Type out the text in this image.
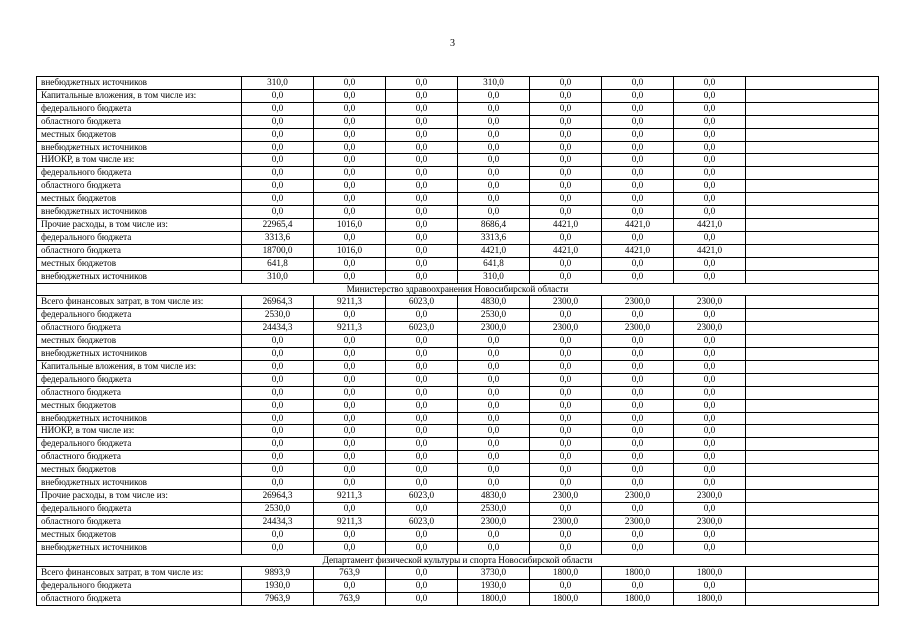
3
внебюджетных источников	310,0	0,0	0,0	310,0	0,0	0,0	0,0	
Капитальные вложения, в том числе из:	0,0	0,0	0,0	0,0	0,0	0,0	0,0	
федерального бюджета	0,0	0,0	0,0	0,0	0,0	0,0	0,0	
областного бюджета	0,0	0,0	0,0	0,0	0,0	0,0	0,0	
местных бюджетов	0,0	0,0	0,0	0,0	0,0	0,0	0,0	
внебюджетных источников	0,0	0,0	0,0	0,0	0,0	0,0	0,0	
НИОКР, в том числе из:	0,0	0,0	0,0	0,0	0,0	0,0	0,0	
федерального бюджета	0,0	0,0	0,0	0,0	0,0	0,0	0,0	
областного бюджета	0,0	0,0	0,0	0,0	0,0	0,0	0,0	
местных бюджетов	0,0	0,0	0,0	0,0	0,0	0,0	0,0	
внебюджетных источников	0,0	0,0	0,0	0,0	0,0	0,0	0,0	
Прочие расходы, в том числе из:	22965,4	1016,0	0,0	8686,4	4421,0	4421,0	4421,0	
федерального бюджета	3313,6	0,0	0,0	3313,6	0,0	0,0	0,0	
областного бюджета	18700,0	1016,0	0,0	4421,0	4421,0	4421,0	4421,0	
местных бюджетов	641,8	0,0	0,0	641,8	0,0	0,0	0,0	
внебюджетных источников	310,0	0,0	0,0	310,0	0,0	0,0	0,0	
Министерство здравоохранения Новосибирской области								
Всего финансовых затрат, в том числе из:	26964,3	9211,3	6023,0	4830,0	2300,0	2300,0	2300,0	
федерального бюджета	2530,0	0,0	0,0	2530,0	0,0	0,0	0,0	
областного бюджета	24434,3	9211,3	6023,0	2300,0	2300,0	2300,0	2300,0	
местных бюджетов	0,0	0,0	0,0	0,0	0,0	0,0	0,0	
внебюджетных источников	0,0	0,0	0,0	0,0	0,0	0,0	0,0	
Капитальные вложения, в том числе из:	0,0	0,0	0,0	0,0	0,0	0,0	0,0	
федерального бюджета	0,0	0,0	0,0	0,0	0,0	0,0	0,0	
областного бюджета	0,0	0,0	0,0	0,0	0,0	0,0	0,0	
местных бюджетов	0,0	0,0	0,0	0,0	0,0	0,0	0,0	
внебюджетных источников	0,0	0,0	0,0	0,0	0,0	0,0	0,0	
НИОКР, в том числе из:	0,0	0,0	0,0	0,0	0,0	0,0	0,0	
федерального бюджета	0,0	0,0	0,0	0,0	0,0	0,0	0,0	
областного бюджета	0,0	0,0	0,0	0,0	0,0	0,0	0,0	
местных бюджетов	0,0	0,0	0,0	0,0	0,0	0,0	0,0	
внебюджетных источников	0,0	0,0	0,0	0,0	0,0	0,0	0,0	
Прочие расходы, в том числе из:	26964,3	9211,3	6023,0	4830,0	2300,0	2300,0	2300,0	
федерального бюджета	2530,0	0,0	0,0	2530,0	0,0	0,0	0,0	
областного бюджета	24434,3	9211,3	6023,0	2300,0	2300,0	2300,0	2300,0	
местных бюджетов	0,0	0,0	0,0	0,0	0,0	0,0	0,0	
внебюджетных источников	0,0	0,0	0,0	0,0	0,0	0,0	0,0	
Департамент физической культуры и спорта Новосибирской области								
Всего финансовых затрат, в том числе из:	9893,9	763,9	0,0	3730,0	1800,0	1800,0	1800,0	
федерального бюджета	1930,0	0,0	0,0	1930,0	0,0	0,0	0,0	
областного бюджета	7963,9	763,9	0,0	1800,0	1800,0	1800,0	1800,0	
